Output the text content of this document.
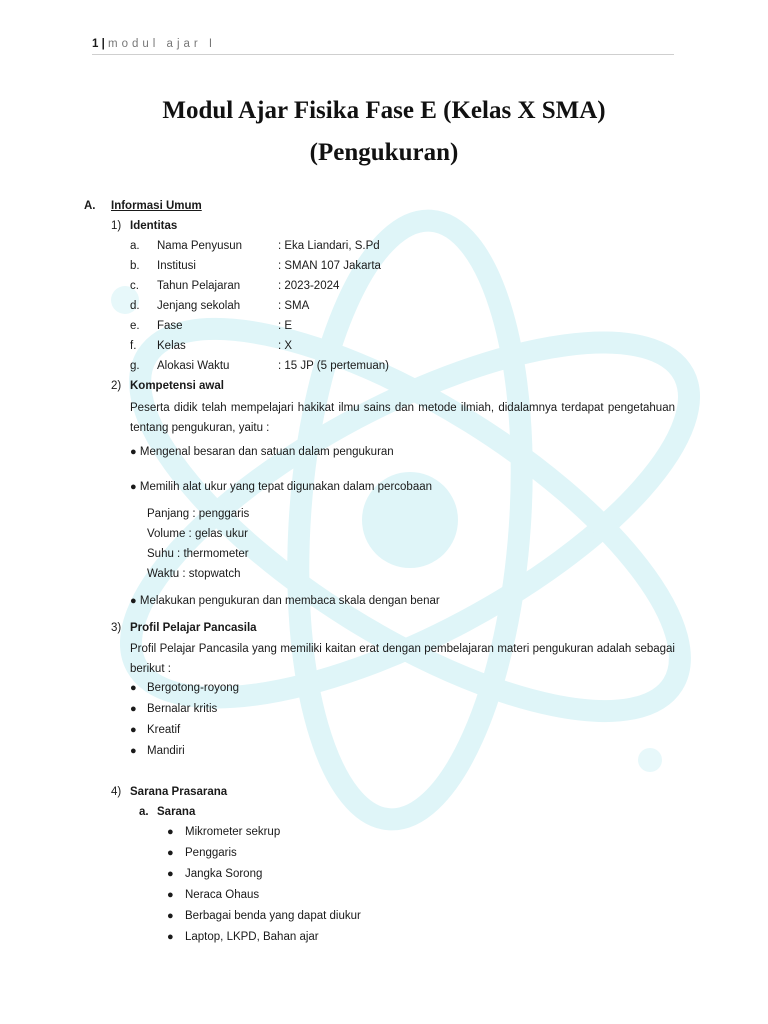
1 | modul ajar I
Modul Ajar Fisika Fase E (Kelas X SMA)
(Pengukuran)
A. Informasi Umum
1) Identitas
a. Nama Penyusun	: Eka Liandari, S.Pd
b. Institusi	: SMAN 107 Jakarta
c. Tahun Pelajaran	: 2023-2024
d. Jenjang sekolah	: SMA
e. Fase	: E
f. Kelas	: X
g. Alokasi Waktu	: 15 JP (5 pertemuan)
2) Kompetensi awal
Peserta didik telah mempelajari hakikat ilmu sains dan metode ilmiah, didalamnya terdapat pengetahuan tentang pengukuran, yaitu :
● Mengenal besaran dan satuan dalam pengukuran
● Memilih alat ukur yang tepat digunakan dalam percobaan
Panjang : penggaris
Volume : gelas ukur
Suhu : thermometer
Waktu : stopwatch
● Melakukan pengukuran dan membaca skala dengan benar
3) Profil Pelajar Pancasila
Profil Pelajar Pancasila yang memiliki kaitan erat dengan pembelajaran materi pengukuran adalah sebagai berikut :
● Bergotong-royong
● Bernalar kritis
● Kreatif
● Mandiri
4) Sarana Prasarana
a. Sarana
● Mikrometer sekrup
● Penggaris
● Jangka Sorong
● Neraca Ohaus
● Berbagai benda yang dapat diukur
● Laptop, LKPD, Bahan ajar
